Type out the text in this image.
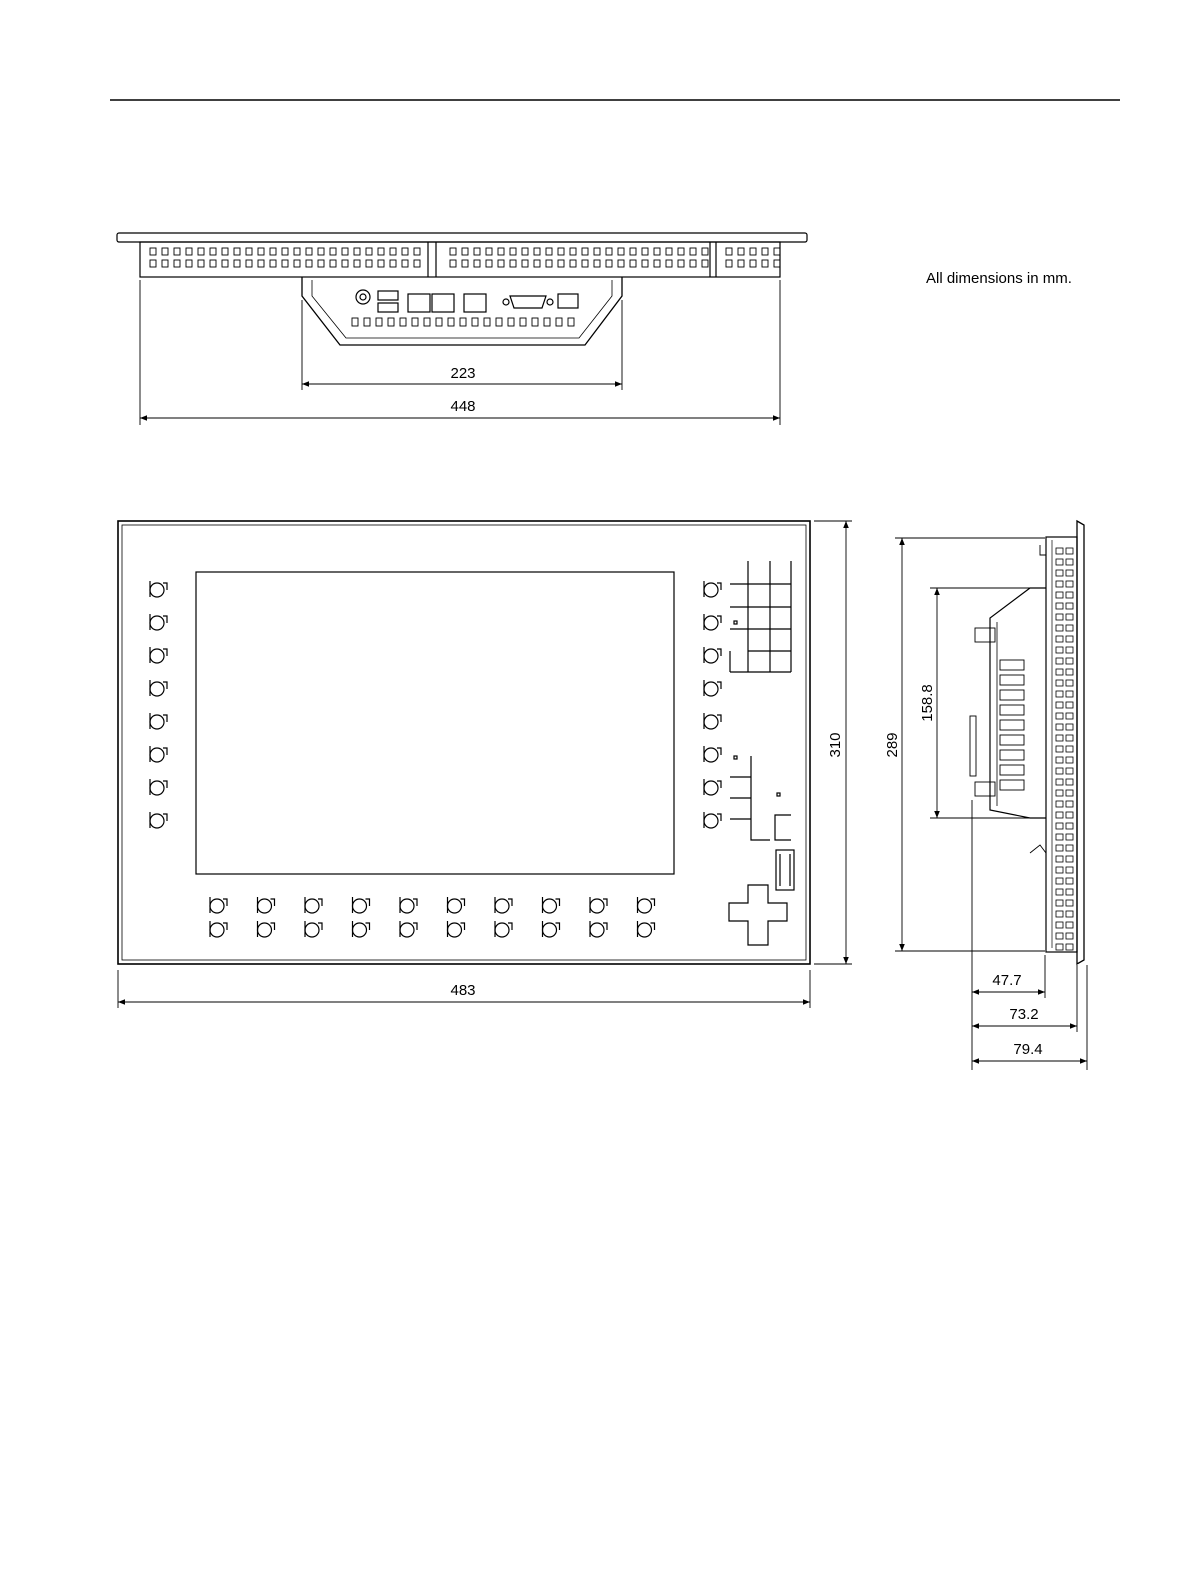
All dimensions in mm.
223
448
483
310	289
158.8
47.7
73.2
79.4
